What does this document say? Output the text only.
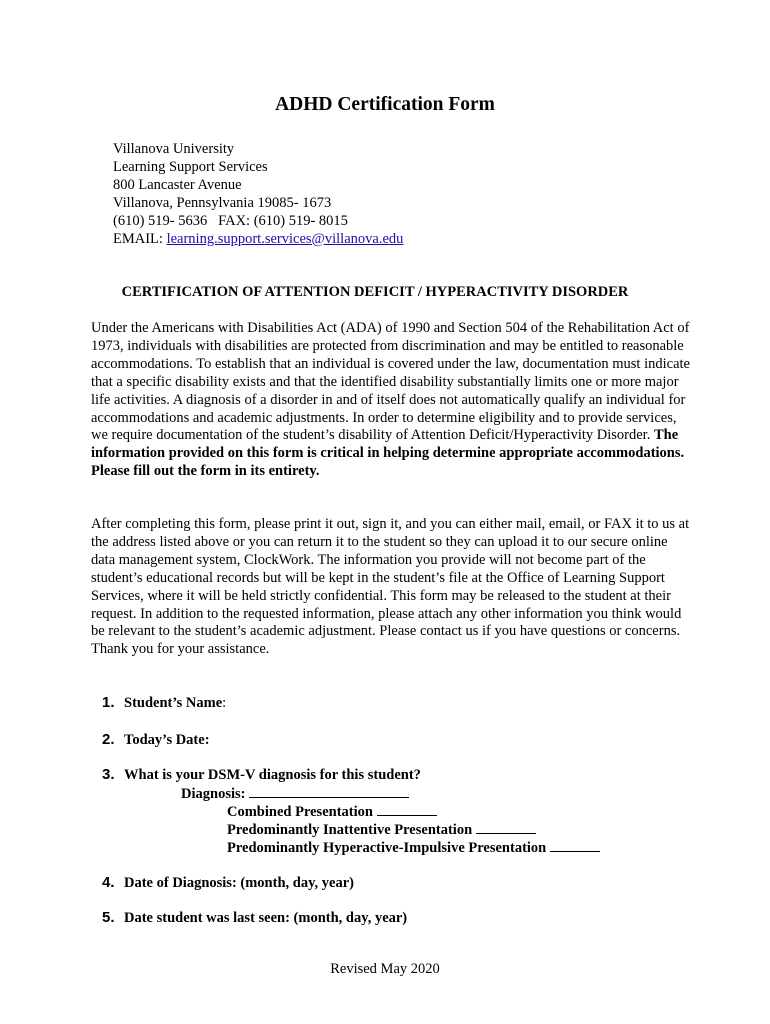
ADHD Certification Form
Villanova University
Learning Support Services
800 Lancaster Avenue
Villanova, Pennsylvania 19085- 1673
(610) 519- 5636   FAX: (610) 519- 8015
EMAIL: learning.support.services@villanova.edu
CERTIFICATION OF ATTENTION DEFICIT / HYPERACTIVITY DISORDER
Under the Americans with Disabilities Act (ADA) of 1990 and Section 504 of the Rehabilitation Act of 1973, individuals with disabilities are protected from discrimination and may be entitled to reasonable accommodations. To establish that an individual is covered under the law, documentation must indicate that a specific disability exists and that the identified disability substantially limits one or more major life activities. A diagnosis of a disorder in and of itself does not automatically qualify an individual for accommodations and academic adjustments. In order to determine eligibility and to provide services, we require documentation of the student’s disability of Attention Deficit/Hyperactivity Disorder. The information provided on this form is critical in helping determine appropriate accommodations. Please fill out the form in its entirety.
After completing this form, please print it out, sign it, and you can either mail, email, or FAX it to us at the address listed above or you can return it to the student so they can upload it to our secure online data management system, ClockWork. The information you provide will not become part of the student’s educational records but will be kept in the student’s file at the Office of Learning Support Services, where it will be held strictly confidential. This form may be released to the student at their request. In addition to the requested information, please attach any other information you think would be relevant to the student’s academic adjustment. Please contact us if you have questions or concerns. Thank you for your assistance.
1. Student’s Name:
2. Today’s Date:
3. What is your DSM-V diagnosis for this student?
Diagnosis:
Combined Presentation
Predominantly Inattentive Presentation
Predominantly Hyperactive-Impulsive Presentation
4. Date of Diagnosis: (month, day, year)
5. Date student was last seen: (month, day, year)
Revised May 2020
